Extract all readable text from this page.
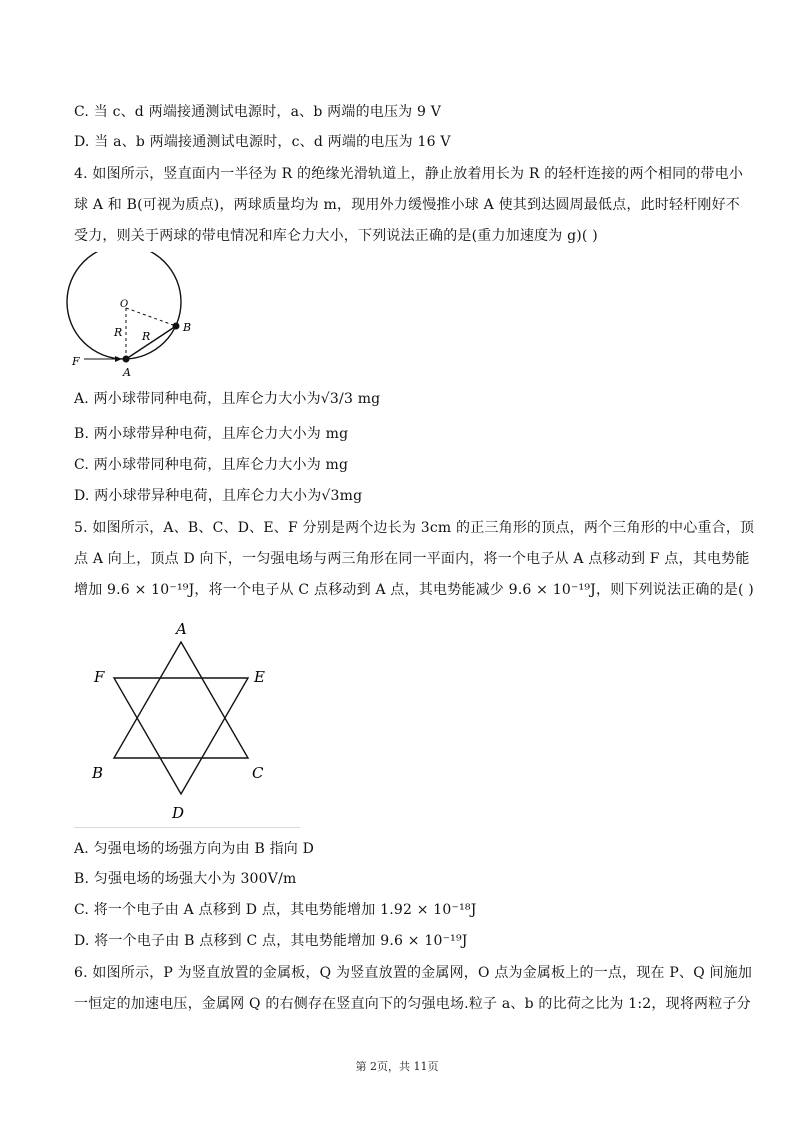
C. 当 c、d 两端接通测试电源时，a、b 两端的电压为 9 V
D. 当 a、b 两端接通测试电源时，c、d 两端的电压为 16 V
4. 如图所示，竖直面内一半径为 R 的绝缘光滑轨道上，静止放着用长为 R 的轻杆连接的两个相同的带电小
球 A 和 B(可视为质点)，两球质量均为 m，现用外力缓慢推小球 A 使其到达圆周最低点，此时轻杆刚好不
受力，则关于两球的带电情况和库仑力大小，下列说法正确的是(重力加速度为 g)( )
O
R R
B
A
F
A. 两小球带同种电荷，且库仑力大小为√3/3 mg
B. 两小球带异种电荷，且库仑力大小为 mg
C. 两小球带同种电荷，且库仑力大小为 mg
D. 两小球带异种电荷，且库仑力大小为√3mg
5. 如图所示，A、B、C、D、E、F 分别是两个边长为 3cm 的正三角形的顶点，两个三角形的中心重合，顶
点 A 向上，顶点 D 向下，一匀强电场与两三角形在同一平面内，将一个电子从 A 点移动到 F 点，其电势能
增加 9.6 × 10⁻¹⁹J，将一个电子从 C 点移动到 A 点，其电势能减少 9.6 × 10⁻¹⁹J，则下列说法正确的是( )
A
F	E
B	C
D
A. 匀强电场的场强方向为由 B 指向 D
B. 匀强电场的场强大小为 300V/m
C. 将一个电子由 A 点移到 D 点，其电势能增加 1.92 × 10⁻¹⁸J
D. 将一个电子由 B 点移到 C 点，其电势能增加 9.6 × 10⁻¹⁹J
6. 如图所示，P 为竖直放置的金属板，Q 为竖直放置的金属网，O 点为金属板上的一点，现在 P、Q 间施加
一恒定的加速电压，金属网 Q 的右侧存在竖直向下的匀强电场.粒子 a、b 的比荷之比为 1:2，现将两粒子分
第 2页，共 11页
